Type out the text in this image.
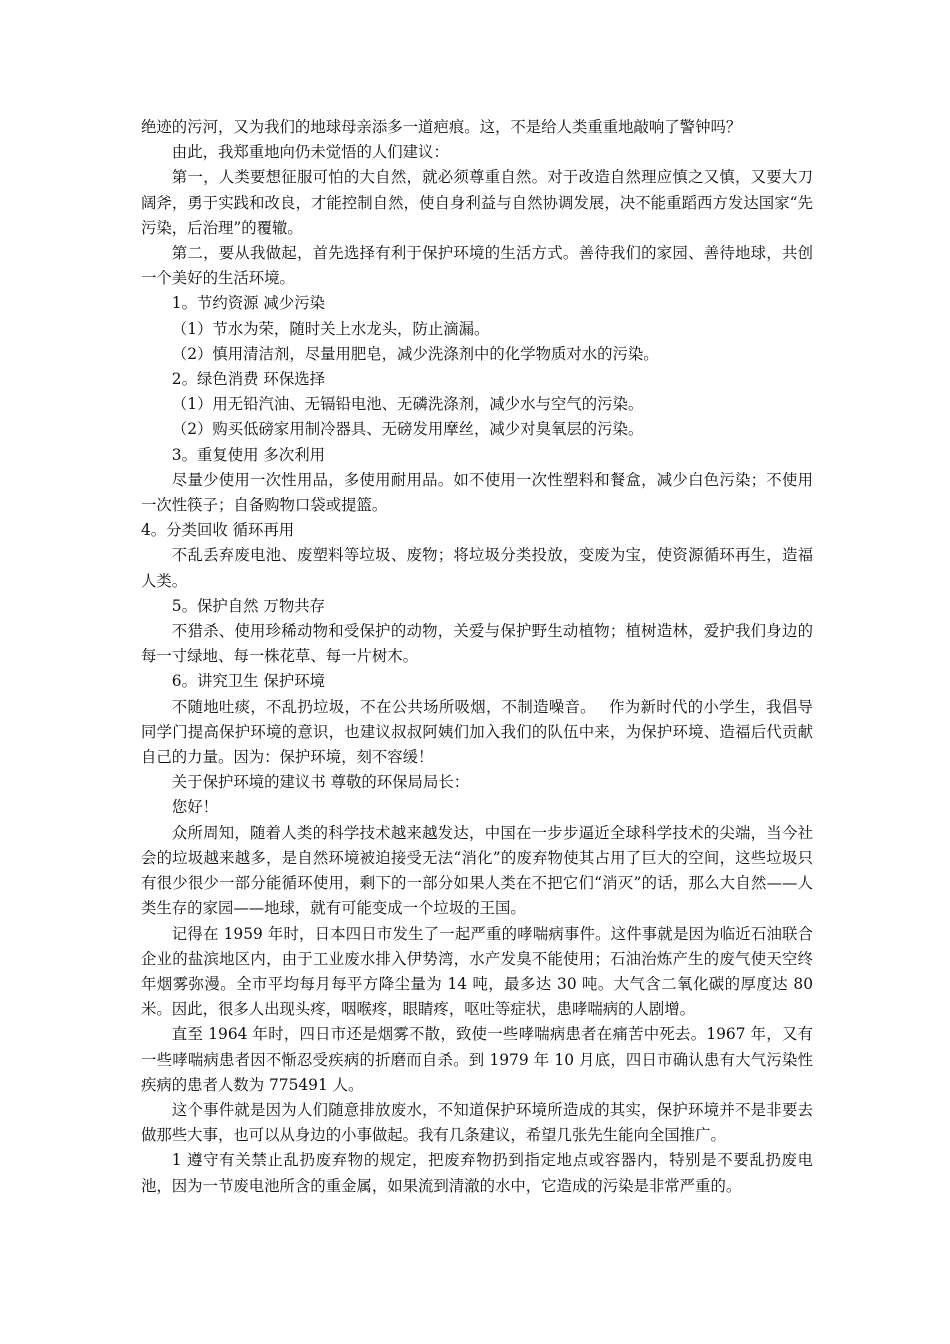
绝迹的污河，又为我们的地球母亲添多一道疤痕。这，不是给人类重重地敲响了警钟吗？

由此，我郑重地向仍未觉悟的人们建议：

第一，人类要想征服可怕的大自然，就必须尊重自然。对于改造自然理应慎之又慎，又要大刀阔斧，勇于实践和改良，才能控制自然，使自身利益与自然协调发展，决不能重蹈西方发达国家“先污染，后治理”的覆辙。

第二，要从我做起，首先选择有利于保护环境的生活方式。善待我们的家园、善待地球，共创一个美好的生活环境。

1。节约资源 减少污染

（1）节水为荣，随时关上水龙头，防止滴漏。

（2）慎用清洁剂，尽量用肥皂，减少洗涤剂中的化学物质对水的污染。

2。绿色消费 环保选择

（1）用无铅汽油、无镉铅电池、无磷洗涤剂，减少水与空气的污染。

（2）购买低磅家用制冷器具、无磅发用摩丝，减少对臭氧层的污染。

3。重复使用 多次利用

尽量少使用一次性用品，多使用耐用品。如不使用一次性塑料和餐盒，减少白色污染；不使用一次性筷子；自备购物口袋或提篮。

4。分类回收 循环再用

不乱丢弃废电池、废塑料等垃圾、废物；将垃圾分类投放，变废为宝，使资源循环再生，造福人类。

5。保护自然 万物共存

不猎杀、使用珍稀动物和受保护的动物，关爱与保护野生动植物；植树造林，爱护我们身边的每一寸绿地、每一株花草、每一片树木。

6。讲究卫生 保护环境

不随地吐痰，不乱扔垃圾，不在公共场所吸烟，不制造噪音。　 作为新时代的小学生，我倡导同学门提高保护环境的意识，也建议叔叔阿姨们加入我们的队伍中来，为保护环境、造福后代贡献自己的力量。因为：保护环境，刻不容缓！

关于保护环境的建议书 尊敬的环保局局长：

您好！

众所周知，随着人类的科学技术越来越发达，中国在一步步逼近全球科学技术的尖端，当今社会的垃圾越来越多，是自然环境被迫接受无法“消化”的废弃物使其占用了巨大的空间，这些垃圾只有很少很少一部分能循环使用，剩下的一部分如果人类在不把它们“消灭”的话，那么大自然——人类生存的家园——地球，就有可能变成一个垃圾的王国。

记得在 1959 年时，日本四日市发生了一起严重的哮喘病事件。这件事就是因为临近石油联合企业的盐滨地区内，由于工业废水排入伊势湾，水产发臭不能使用；石油治炼产生的废气使天空终年烟雾弥漫。全市平均每月每平方降尘量为 14 吨，最多达 30 吨。大气含二氧化碳的厚度达 80 米。因此，很多人出现头疼，咽喉疼，眼睛疼，呕吐等症状，患哮喘病的人剧增。

直至 1964 年时，四日市还是烟雾不散，致使一些哮喘病患者在痛苦中死去。1967 年，又有一些哮喘病患者因不惭忍受疾病的折磨而自杀。到 1979 年 10 月底，四日市确认患有大气污染性疾病的患者人数为 775491 人。

这个事件就是因为人们随意排放废水，不知道保护环境所造成的其实，保护环境并不是非要去做那些大事，也可以从身边的小事做起。我有几条建议，希望几张先生能向全国推广。

1 遵守有关禁止乱扔废弃物的规定，把废弃物扔到指定地点或容器内，特别是不要乱扔废电池，因为一节废电池所含的重金属，如果流到清澈的水中，它造成的污染是非常严重的。
